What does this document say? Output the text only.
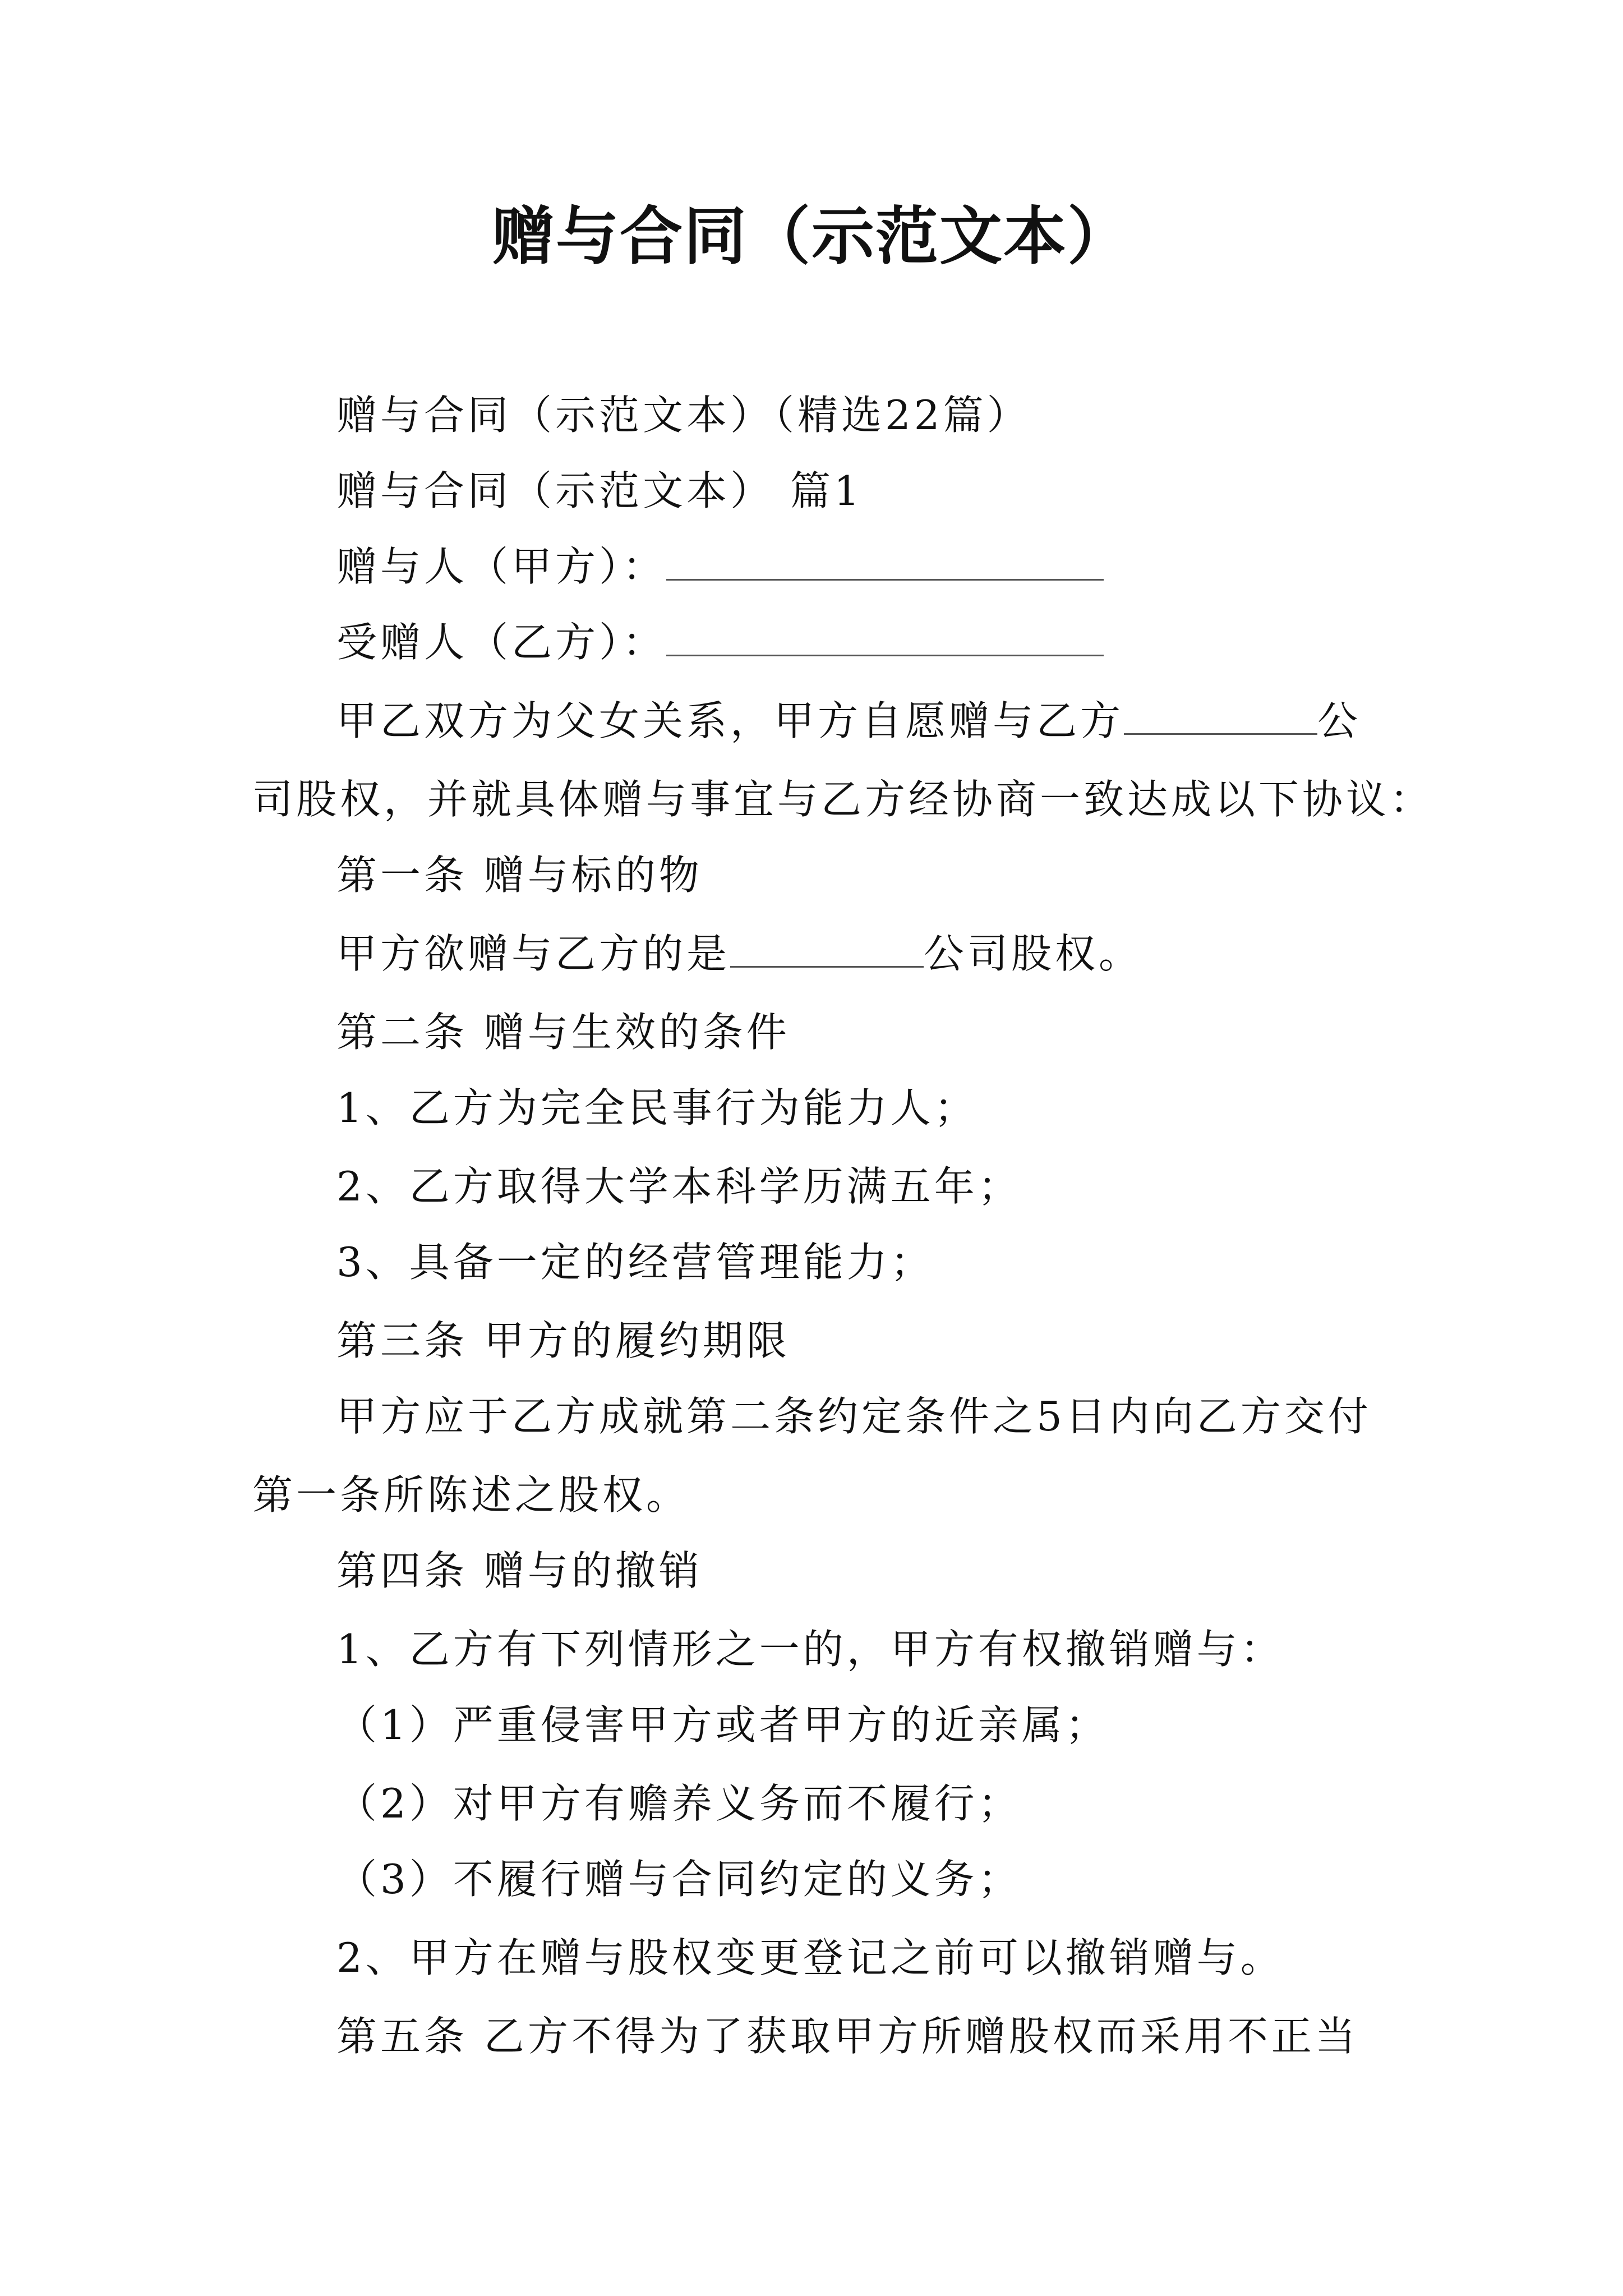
赠与合同（示范文本）
赠与合同（示范文本）（精选22篇）
赠与合同（示范文本） 篇1
赠与人（甲方）：
受赠人（乙方）：
甲乙双方为父女关系，甲方自愿赠与乙方	公
司股权，并就具体赠与事宜与乙方经协商一致达成以下协议：
第一条 赠与标的物
甲方欲赠与乙方的是	公司股权。
第二条 赠与生效的条件
1、乙方为完全民事行为能力人；
2、乙方取得大学本科学历满五年；
3、具备一定的经营管理能力；
第三条 甲方的履约期限
甲方应于乙方成就第二条约定条件之5日内向乙方交付
第一条所陈述之股权。
第四条 赠与的撤销
1、乙方有下列情形之一的，甲方有权撤销赠与：
（1）严重侵害甲方或者甲方的近亲属；
（2）对甲方有赡养义务而不履行；
（3）不履行赠与合同约定的义务；
2、甲方在赠与股权变更登记之前可以撤销赠与。
第五条 乙方不得为了获取甲方所赠股权而采用不正当
